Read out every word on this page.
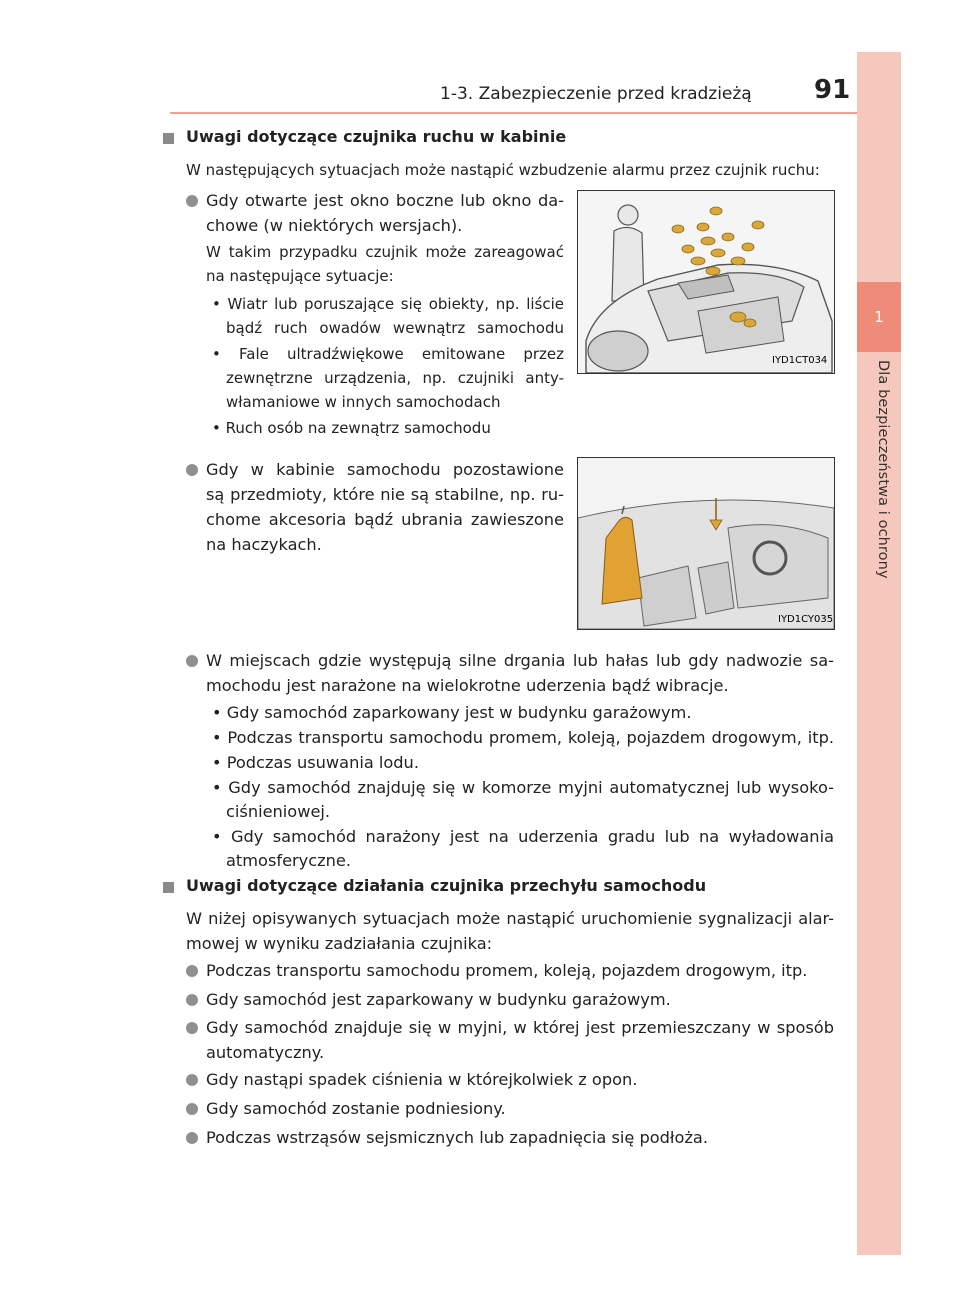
1
Dla bezpieczeństwa i ochrony
1-3. Zabezpieczenie przed kradzieżą 91
Uwagi dotyczące czujnika ruchu w kabinie
W następujących sytuacjach może nastąpić wzbudzenie alarmu przez czujnik ruchu:
Gdy otwarte jest okno boczne lub okno da-
chowe (w niektórych wersjach).
W takim przypadku czujnik może zareagować
na następujące sytuacje:
• Wiatr lub poruszające się obiekty, np. liście
bądź ruch owadów wewnątrz samochodu
• Fale ultradźwiękowe emitowane przez
zewnętrzne urządzenia, np. czujniki anty-
włamaniowe w innych samochodach
• Ruch osób na zewnątrz samochodu
IYD1CT034
Gdy w kabinie samochodu pozostawione
są przedmioty, które nie są stabilne, np. ru-
chome akcesoria bądź ubrania zawieszone
na haczykach.
IYD1CY035
W miejscach gdzie występują silne drgania lub hałas lub gdy nadwozie sa-
mochodu jest narażone na wielokrotne uderzenia bądź wibracje.
• Gdy samochód zaparkowany jest w budynku garażowym.
• Podczas transportu samochodu promem, koleją, pojazdem drogowym, itp.
• Podczas usuwania lodu.
• Gdy samochód znajduję się w komorze myjni automatycznej lub wysoko-
ciśnieniowej.
• Gdy samochód narażony jest na uderzenia gradu lub na wyładowania
atmosferyczne.
Uwagi dotyczące działania czujnika przechyłu samochodu
W niżej opisywanych sytuacjach może nastąpić uruchomienie sygnalizacji alar-
mowej w wyniku zadziałania czujnika:
Podczas transportu samochodu promem, koleją, pojazdem drogowym, itp.
Gdy samochód jest zaparkowany w budynku garażowym.
Gdy samochód znajduje się w myjni, w której jest przemieszczany w sposób
automatyczny.
Gdy nastąpi spadek ciśnienia w którejkolwiek z opon.
Gdy samochód zostanie podniesiony.
Podczas wstrząsów sejsmicznych lub zapadnięcia się podłoża.
